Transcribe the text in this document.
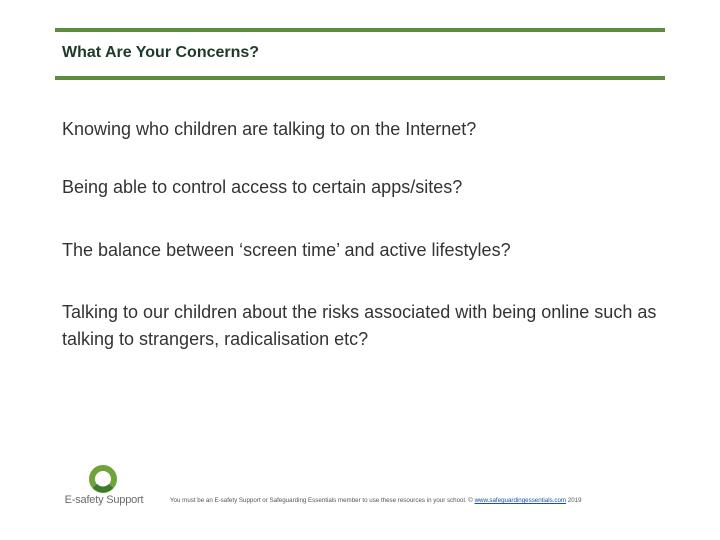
What Are Your Concerns?
Knowing who children are talking to on the Internet?
Being able to control access to certain apps/sites?
The balance between ‘screen time’ and active lifestyles?
Talking to our children about the risks associated with being online such as talking to strangers, radicalisation etc?
E-safety Support	You must be an E-safety Support or Safeguarding Essentials member to use these resources in your school. © www.safeguardingessentials.com 2019
